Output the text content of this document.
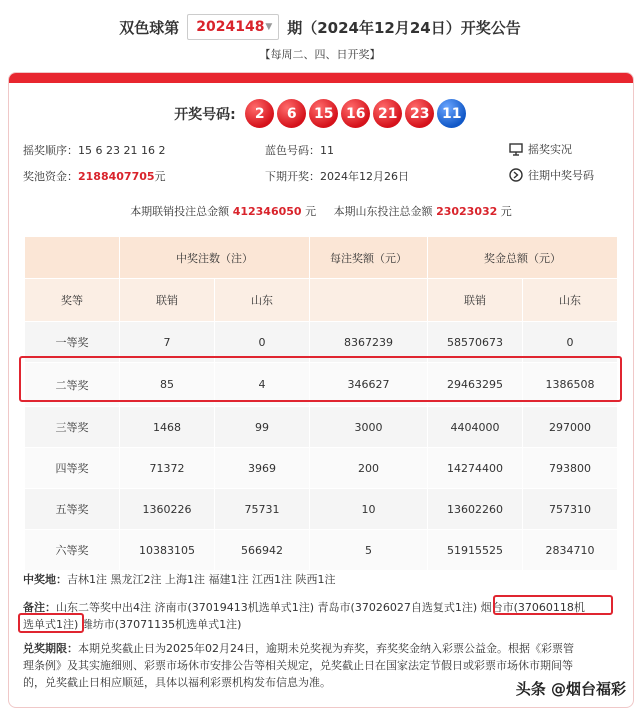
双色球第 2024148 ▼ 期（2024年12月24日）开奖公告
【每周二、四、日开奖】
开奖号码:	2	6	15 16 21 23 11
摇奖顺序：15 6 23 21 16 2	蓝色号码：11	摇奖实况
奖池资金：2188407705元	下期开奖：2024年12月26日	往期中奖号码
本期联销投注总金额 412346050 元 本期山东投注总金额 23023032 元
	中奖注数（注）		每注奖额（元）	奖金总额（元）	
奖等	联销	山东		联销	山东
一等奖	7	0	8367239	58570673	0
二等奖	85	4	346627	29463295	1386508
三等奖	1468	99	3000	4404000	297000
四等奖	71372	3969	200	14274400	793800
五等奖	1360226	75731	10	13602260	757310
六等奖	10383105	566942	5	51915525	2834710
中奖地：吉林1注 黑龙江2注 上海1注 福建1注 江西1注 陕西1注
备注：山东二等奖中出4注 济南市(37019413机选单式1注) 青岛市(37026027自选复式1注) 烟台市(37060118机
选单式1注) 潍坊市(37071135机选单式1注)
兑奖期限：本期兑奖截止日为2025年02月24日，逾期未兑奖视为弃奖，弃奖奖金纳入彩票公益金。根据《彩票管
理条例》及其实施细则、彩票市场休市安排公告等相关规定，兑奖截止日在国家法定节假日或彩票市场休市期间等
的，兑奖截止日相应顺延，具体以福利彩票机构发布信息为准。	头条 @烟台福彩
